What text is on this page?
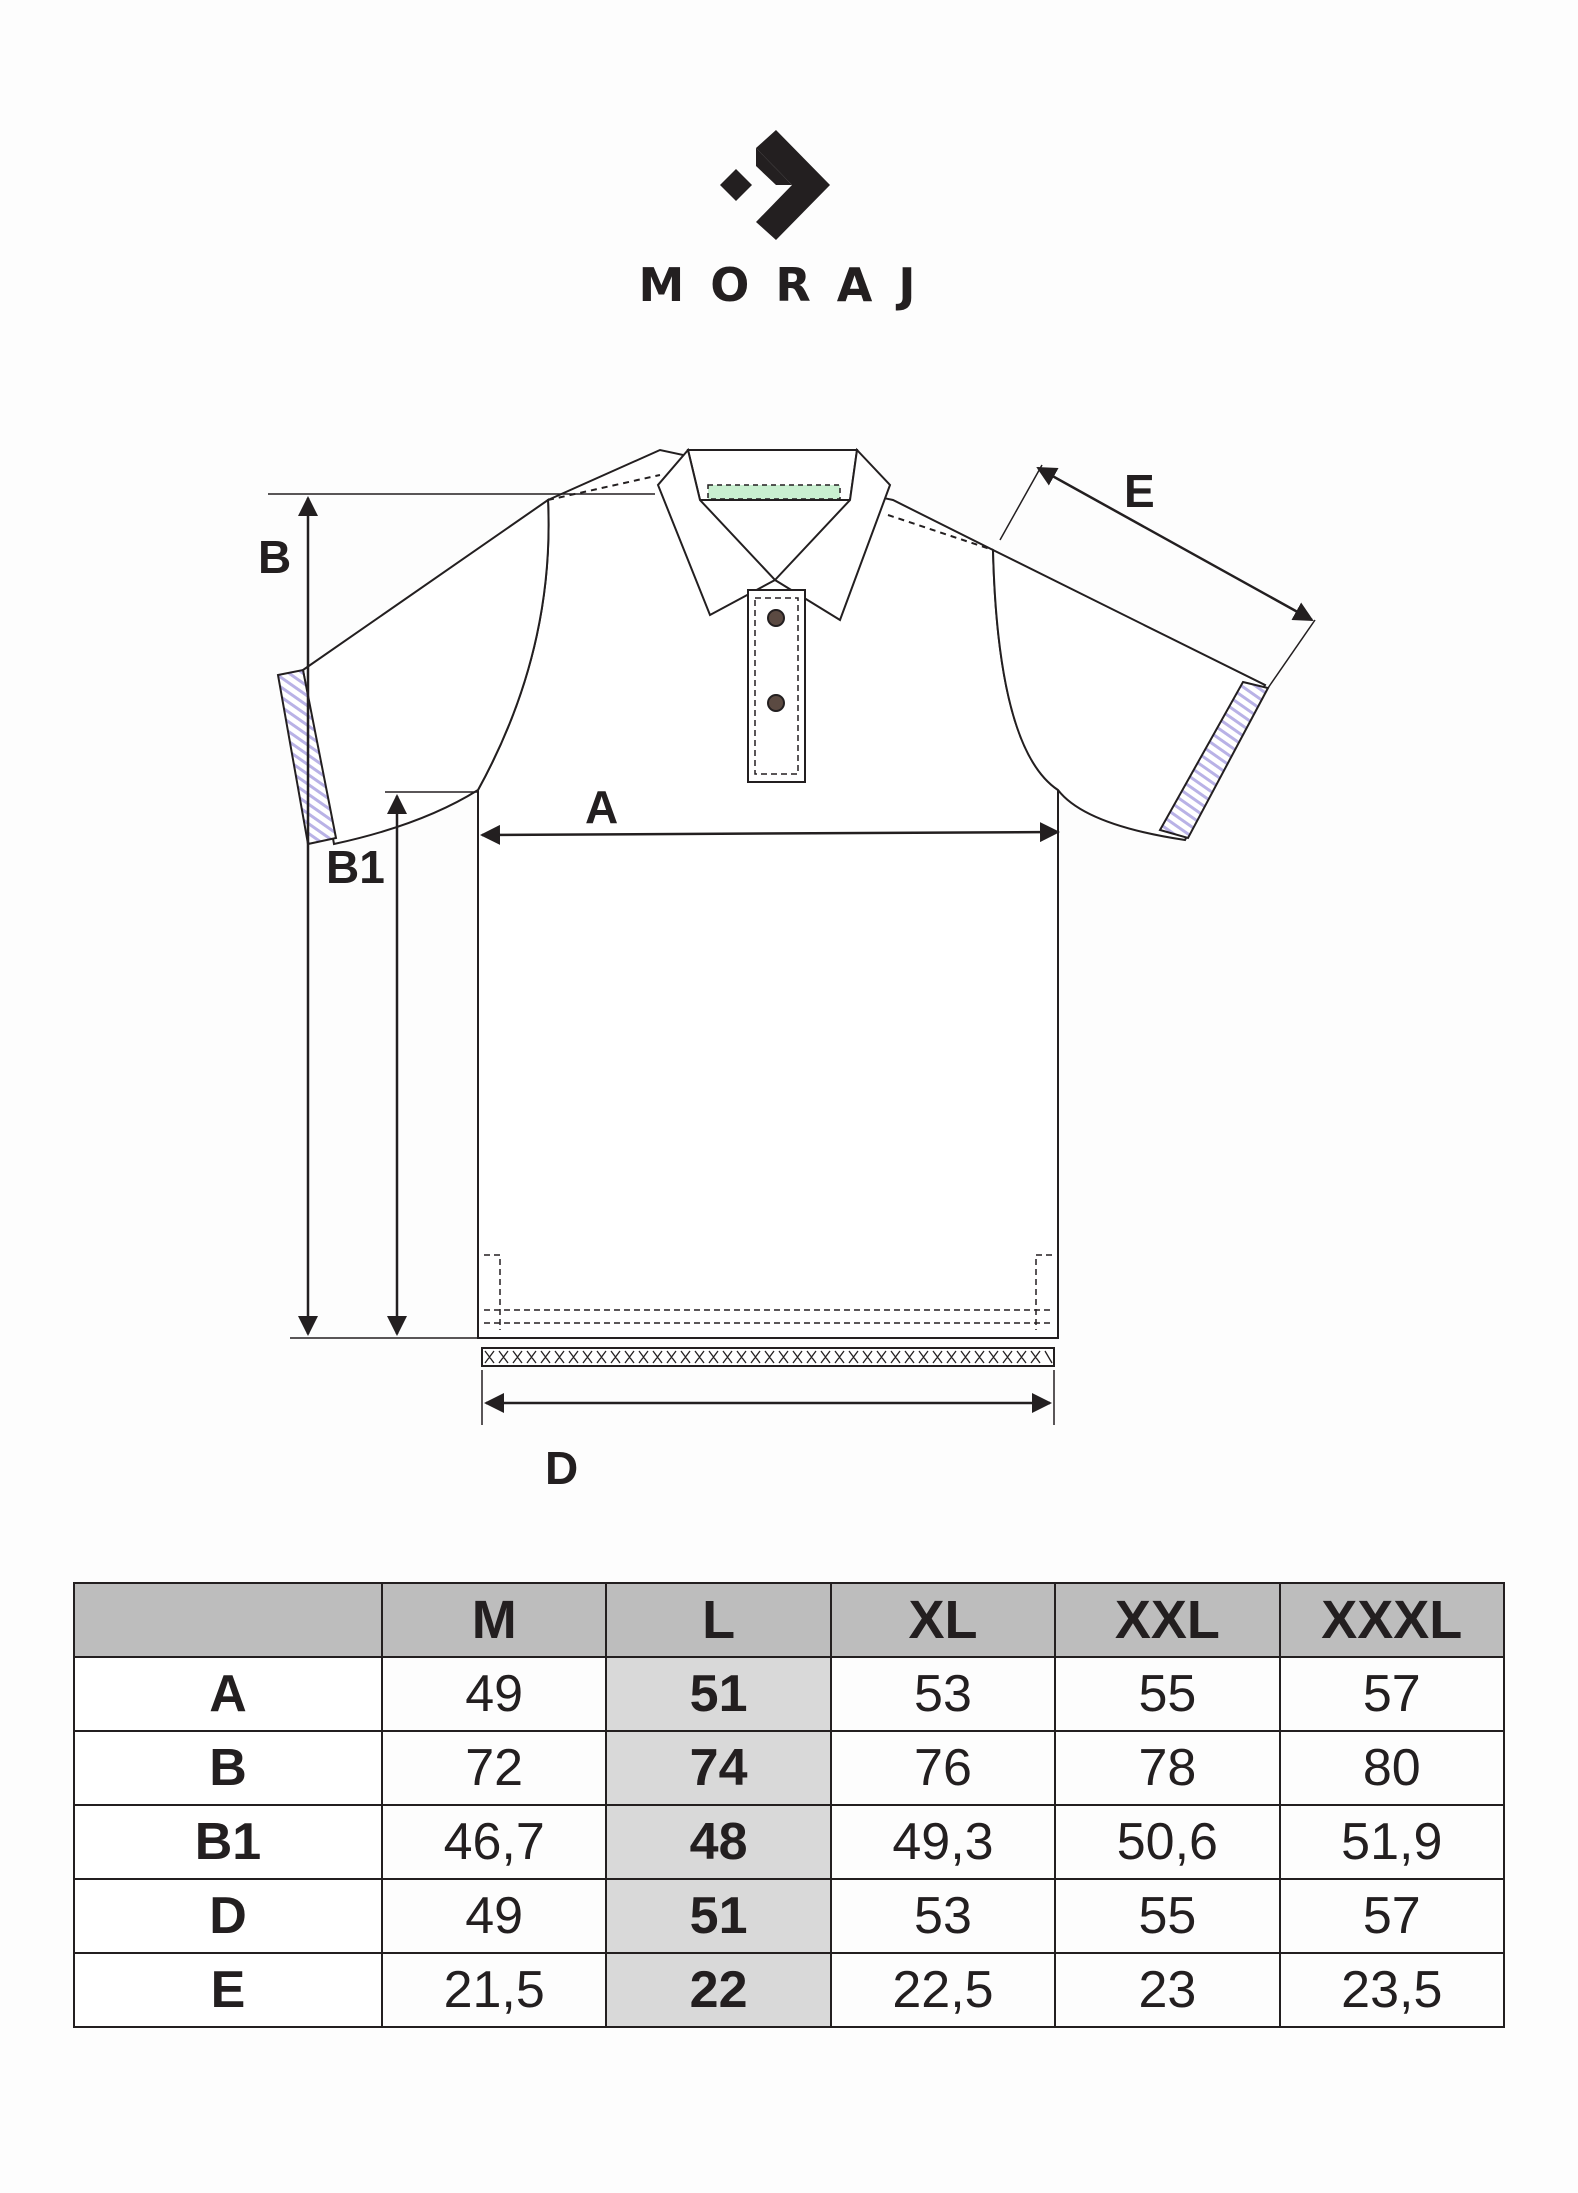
MORAJ
B
B1
A
D
E
	M	L	XL	XXL	XXXL
A	49	51	53	55	57
B	72	74	76	78	80
B1	46,7	48	49,3	50,6	51,9
D	49	51	53	55	57
E	21,5	22	22,5	23	23,5
